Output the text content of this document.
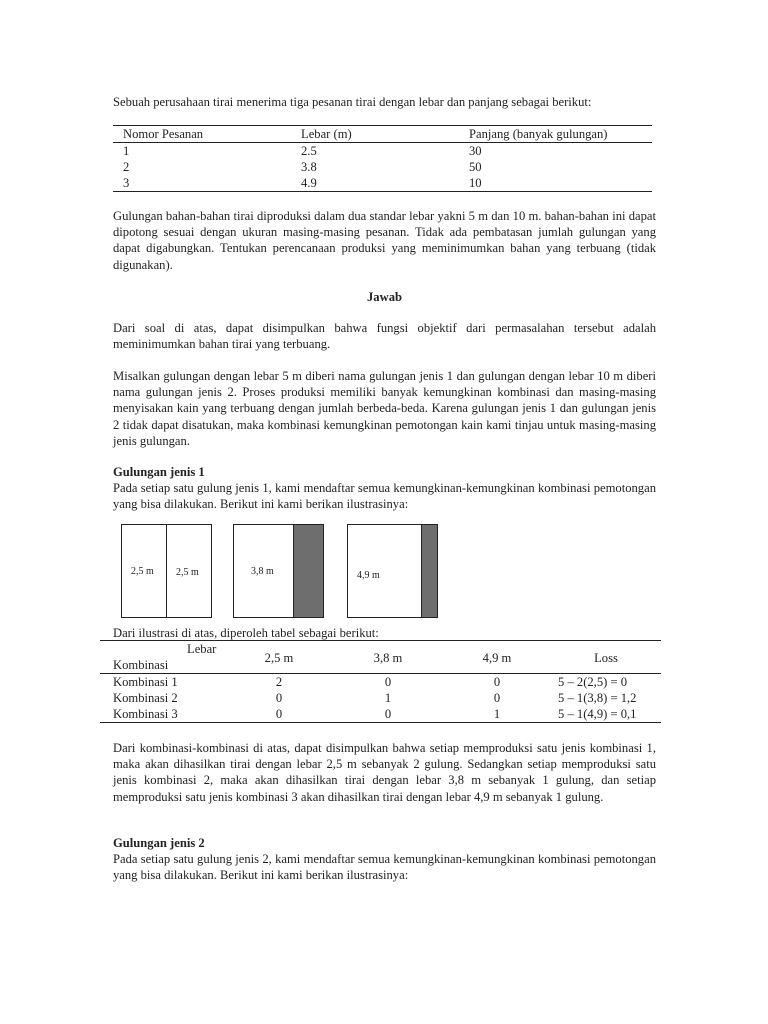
Sebuah perusahaan tirai menerima tiga pesanan tirai dengan lebar dan panjang sebagai berikut:
Nomor Pesanan	Lebar (m)	Panjang (banyak gulungan)
1	2.5	30
2	3.8	50
3	4.9	10
Gulungan bahan-bahan tirai diproduksi dalam dua standar lebar yakni 5 m dan 10 m. bahan-bahan ini dapat dipotong sesuai dengan ukuran masing-masing pesanan. Tidak ada pembatasan jumlah gulungan yang dapat digabungkan. Tentukan perencanaan produksi yang meminimumkan bahan yang terbuang (tidak digunakan).
Jawab
Dari soal di atas, dapat disimpulkan bahwa fungsi objektif dari permasalahan tersebut adalah meminimumkan bahan tirai yang terbuang.
Misalkan gulungan dengan lebar 5 m diberi nama gulungan jenis 1 dan gulungan dengan lebar 10 m diberi nama gulungan jenis 2. Proses produksi memiliki banyak kemungkinan kombinasi dan masing-masing menyisakan kain yang terbuang dengan jumlah berbeda-beda. Karena gulungan jenis 1 dan gulungan jenis 2 tidak dapat disatukan, maka kombinasi kemungkinan pemotongan kain kami tinjau untuk masing-masing jenis gulungan.
Gulungan jenis 1
Pada setiap satu gulung jenis 1, kami mendaftar semua kemungkinan-kemungkinan kombinasi pemotongan yang bisa dilakukan. Berikut ini kami berikan ilustrasinya:
2,5 m 2,5 m	3,8 m	4,9 m
Dari ilustrasi di atas, diperoleh tabel sebagai berikut:
Lebar
Kombinasi	2,5 m	3,8 m	4,9 m	Loss
Kombinasi 1	2	0	0	5 – 2(2,5) = 0
Kombinasi 2	0	1	0	5 – 1(3,8) = 1,2
Kombinasi 3	0	0	1	5 – 1(4,9) = 0,1
Dari kombinasi-kombinasi di atas, dapat disimpulkan bahwa setiap memproduksi satu jenis kombinasi 1, maka akan dihasilkan tirai dengan lebar 2,5 m sebanyak 2 gulung. Sedangkan setiap memproduksi satu jenis kombinasi 2, maka akan dihasilkan tirai dengan lebar 3,8 m sebanyak 1 gulung, dan setiap memproduksi satu jenis kombinasi 3 akan dihasilkan tirai dengan lebar 4,9 m sebanyak 1 gulung.
Gulungan jenis 2
Pada setiap satu gulung jenis 2, kami mendaftar semua kemungkinan-kemungkinan kombinasi pemotongan yang bisa dilakukan. Berikut ini kami berikan ilustrasinya:
